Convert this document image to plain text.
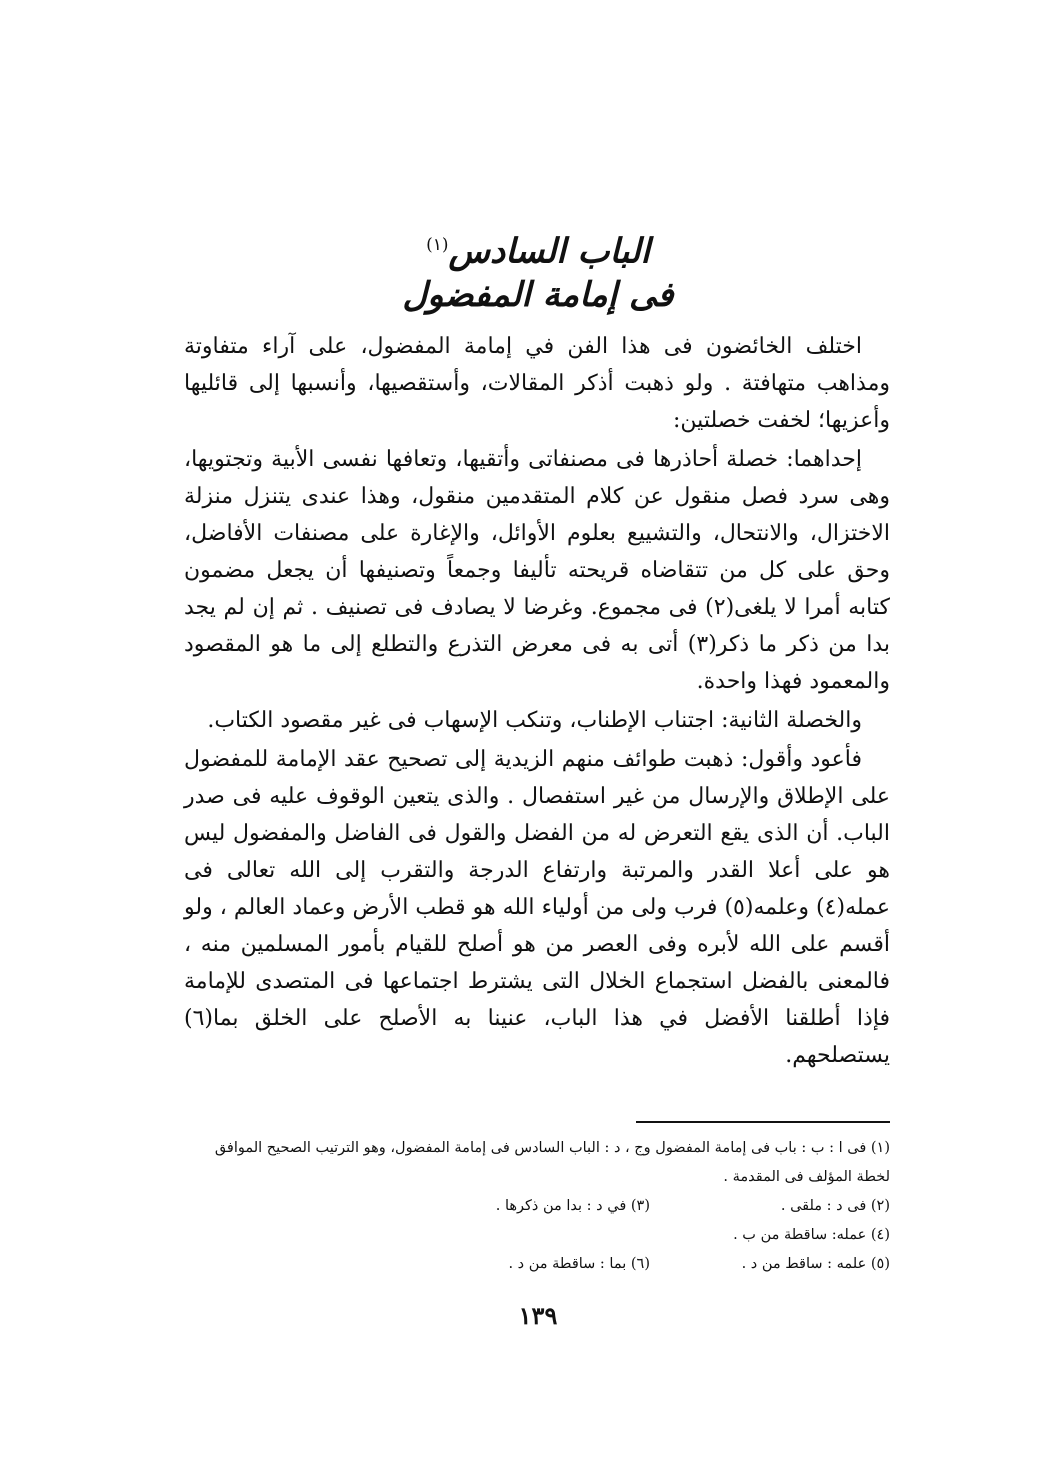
الباب السادس$^{(١)}$
فى إمامة المفضول

اختلف الخائضون فى هذا الفن في إمامة المفضول، على آراء متفاوتة ومذاهب متهافتة . ولو ذهبت أذكر المقالات، وأستقصيها، وأنسبها إلى قائليها وأعزيها؛ لخفت خصلتين:

إحداهما: خصلة أحاذرها فى مصنفاتى وأتقيها، وتعافها نفسى الأبية وتجتويها، وهى سرد فصل منقول عن كلام المتقدمين منقول، وهذا عندى يتنزل منزلة الاختزال، والانتحال، والتشييع بعلوم الأوائل، والإغارة على مصنفات الأفاضل، وحق على كل من تتقاضاه قريحته تأليفا وجمعاً وتصنيفها أن يجعل مضمون كتابه أمرا لا يلغى(٢) فى مجموع. وغرضا لا يصادف فى تصنيف . ثم إن لم يجد بدا من ذكر ما ذكر(٣) أتى به فى معرض التذرع والتطلع إلى ما هو المقصود والمعمود فهذا واحدة.

والخصلة الثانية: اجتناب الإطناب، وتنكب الإسهاب فى غير مقصود الكتاب.

فأعود وأقول: ذهبت طوائف منهم الزيدية إلى تصحيح عقد الإمامة للمفضول على الإطلاق والإرسال من غير استفصال . والذى يتعين الوقوف عليه فى صدر الباب. أن الذى يقع التعرض له من الفضل والقول فى الفاضل والمفضول ليس هو على أعلا القدر والمرتبة وارتفاع الدرجة والتقرب إلى الله تعالى فى عمله(٤) وعلمه(٥) فرب ولى من أولياء الله هو قطب الأرض وعماد العالم ، ولو أقسم على الله لأبره وفى العصر من هو أصلح للقيام بأمور المسلمين منه ، فالمعنى بالفضل استجماع الخلال التى يشترط اجتماعها فى المتصدى للإمامة فإذا أطلقنا الأفضل في هذا الباب، عنينا به الأصلح على الخلق بما(٦) يستصلحهم.

(١) فى ا : ب : باب فى إمامة المفضول وج ، د : الباب السادس فى إمامة المفضول، وهو الترتيب الصحيح الموافق

لخطة المؤلف فى المقدمة .

(٢) فى د : ملقى .
(٣) في د : بدا من ذكرها .
(٤) عمله: ساقطة من ب .
(٥) علمه : ساقط من د .
(٦) بما : ساقطة من د .
١٣٩
